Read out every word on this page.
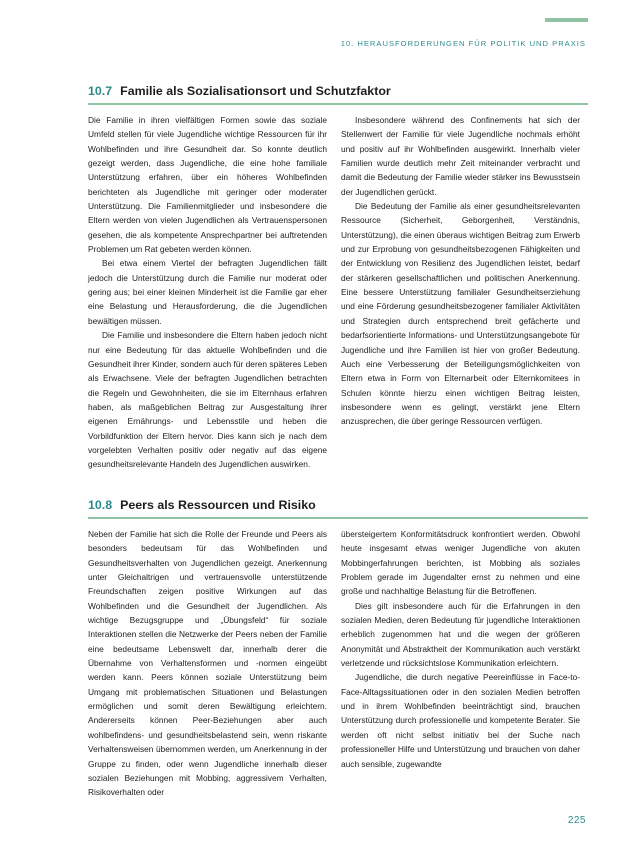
10. HERAUSFORDERUNGEN FÜR POLITIK UND PRAXIS
10.7 Familie als Sozialisationsort und Schutzfaktor

Die Familie in ihren vielfältigen Formen sowie das soziale Umfeld stellen für viele Jugendliche wichtige Ressourcen für ihr Wohlbefinden und ihre Gesundheit dar. So konnte deutlich gezeigt werden, dass Jugendliche, die eine hohe familiale Unterstützung erfahren, über ein höheres Wohlbefinden berichteten als Jugendliche mit geringer oder moderater Unterstützung. Die Familienmitglieder und insbesondere die Eltern werden von vielen Jugendlichen als Vertrauenspersonen gesehen, die als kompetente Ansprechpartner bei auftretenden Problemen um Rat gebeten werden können.

Bei etwa einem Viertel der befragten Jugendlichen fällt jedoch die Unterstützung durch die Familie nur moderat oder gering aus; bei einer kleinen Minderheit ist die Familie gar eher eine Belastung und Herausforderung, die die Jugendlichen bewältigen müssen.

Die Familie und insbesondere die Eltern haben jedoch nicht nur eine Bedeutung für das aktuelle Wohlbefinden und die Gesundheit ihrer Kinder, sondern auch für deren späteres Leben als Erwachsene. Viele der befragten Jugendlichen betrachten die Regeln und Gewohnheiten, die sie im Elternhaus erfahren haben, als maßgeblichen Beitrag zur Ausgestaltung ihrer eigenen Ernährungs- und Lebensstile und heben die Vorbildfunktion der Eltern hervor. Dies kann sich je nach dem vorgelebten Verhalten positiv oder negativ auf das eigene gesundheitsrelevante Handeln des Jugendlichen auswirken.

Insbesondere während des Confinements hat sich der Stellenwert der Familie für viele Jugendliche nochmals erhöht und positiv auf ihr Wohlbefinden ausgewirkt. Innerhalb vieler Familien wurde deutlich mehr Zeit miteinander verbracht und damit die Bedeutung der Familie wieder stärker ins Bewusstsein der Jugendlichen gerückt.

Die Bedeutung der Familie als einer gesundheitsrelevanten Ressource (Sicherheit, Geborgenheit, Verständnis, Unterstützung), die einen überaus wichtigen Beitrag zum Erwerb und zur Erprobung von gesundheitsbezogenen Fähigkeiten und der Entwicklung von Resilienz des Jugendlichen leistet, bedarf der stärkeren gesellschaftlichen und politischen Anerkennung. Eine bessere Unterstützung familialer Gesundheitserziehung und eine Förderung gesundheitsbezogener familialer Aktivitäten und Strategien durch entsprechend breit gefächerte und bedarfsorientierte Informations- und Unterstützungsangebote für Jugendliche und ihre Familien ist hier von großer Bedeutung. Auch eine Verbesserung der Beteiligungsmöglichkeiten von Eltern etwa in Form von Elternarbeit oder Elternkomitees in Schulen könnte hierzu einen wichtigen Beitrag leisten, insbesondere wenn es gelingt, verstärkt jene Eltern anzusprechen, die über geringe Ressourcen verfügen.

10.8 Peers als Ressourcen und Risiko

Neben der Familie hat sich die Rolle der Freunde und Peers als besonders bedeutsam für das Wohlbefinden und Gesundheitsverhalten von Jugendlichen gezeigt. Anerkennung unter Gleichaltrigen und vertrauensvolle unterstützende Freundschaften zeigen positive Wirkungen auf das Wohlbefinden und die Gesundheit der Jugendlichen. Als wichtige Bezugsgruppe und „Übungsfeld“ für soziale Interaktionen stellen die Netzwerke der Peers neben der Familie eine bedeutsame Lebenswelt dar, innerhalb derer die Übernahme von Verhaltensformen und -normen eingeübt werden kann. Peers können soziale Unterstützung beim Umgang mit problematischen Situationen und Belastungen ermöglichen und somit deren Bewältigung erleichtern. Andererseits können Peer-Beziehungen aber auch wohlbefindens- und gesundheitsbelastend sein, wenn riskante Verhaltensweisen übernommen werden, um Anerkennung in der Gruppe zu finden, oder wenn Jugendliche innerhalb dieser sozialen Beziehungen mit Mobbing, aggressivem Verhalten, Risikoverhalten oder

übersteigertem Konformitätsdruck konfrontiert werden. Obwohl heute insgesamt etwas weniger Jugendliche von akuten Mobbingerfahrungen berichten, ist Mobbing als soziales Problem gerade im Jugendalter ernst zu nehmen und eine große und nachhaltige Belastung für die Betroffenen.

Dies gilt insbesondere auch für die Erfahrungen in den sozialen Medien, deren Bedeutung für jugendliche Interaktionen erheblich zugenommen hat und die wegen der größeren Anonymität und Abstraktheit der Kommunikation auch verstärkt verletzende und rücksichtslose Kommunikation erleichtern.

Jugendliche, die durch negative Peereinflüsse in Face-to-Face-Alltagssituationen oder in den sozialen Medien betroffen und in ihrem Wohlbefinden beeinträchtigt sind, brauchen Unterstützung durch professionelle und kompetente Berater. Sie werden oft nicht selbst initiativ bei der Suche nach professioneller Hilfe und Unterstützung und brauchen von daher auch sensible, zugewandte

225
